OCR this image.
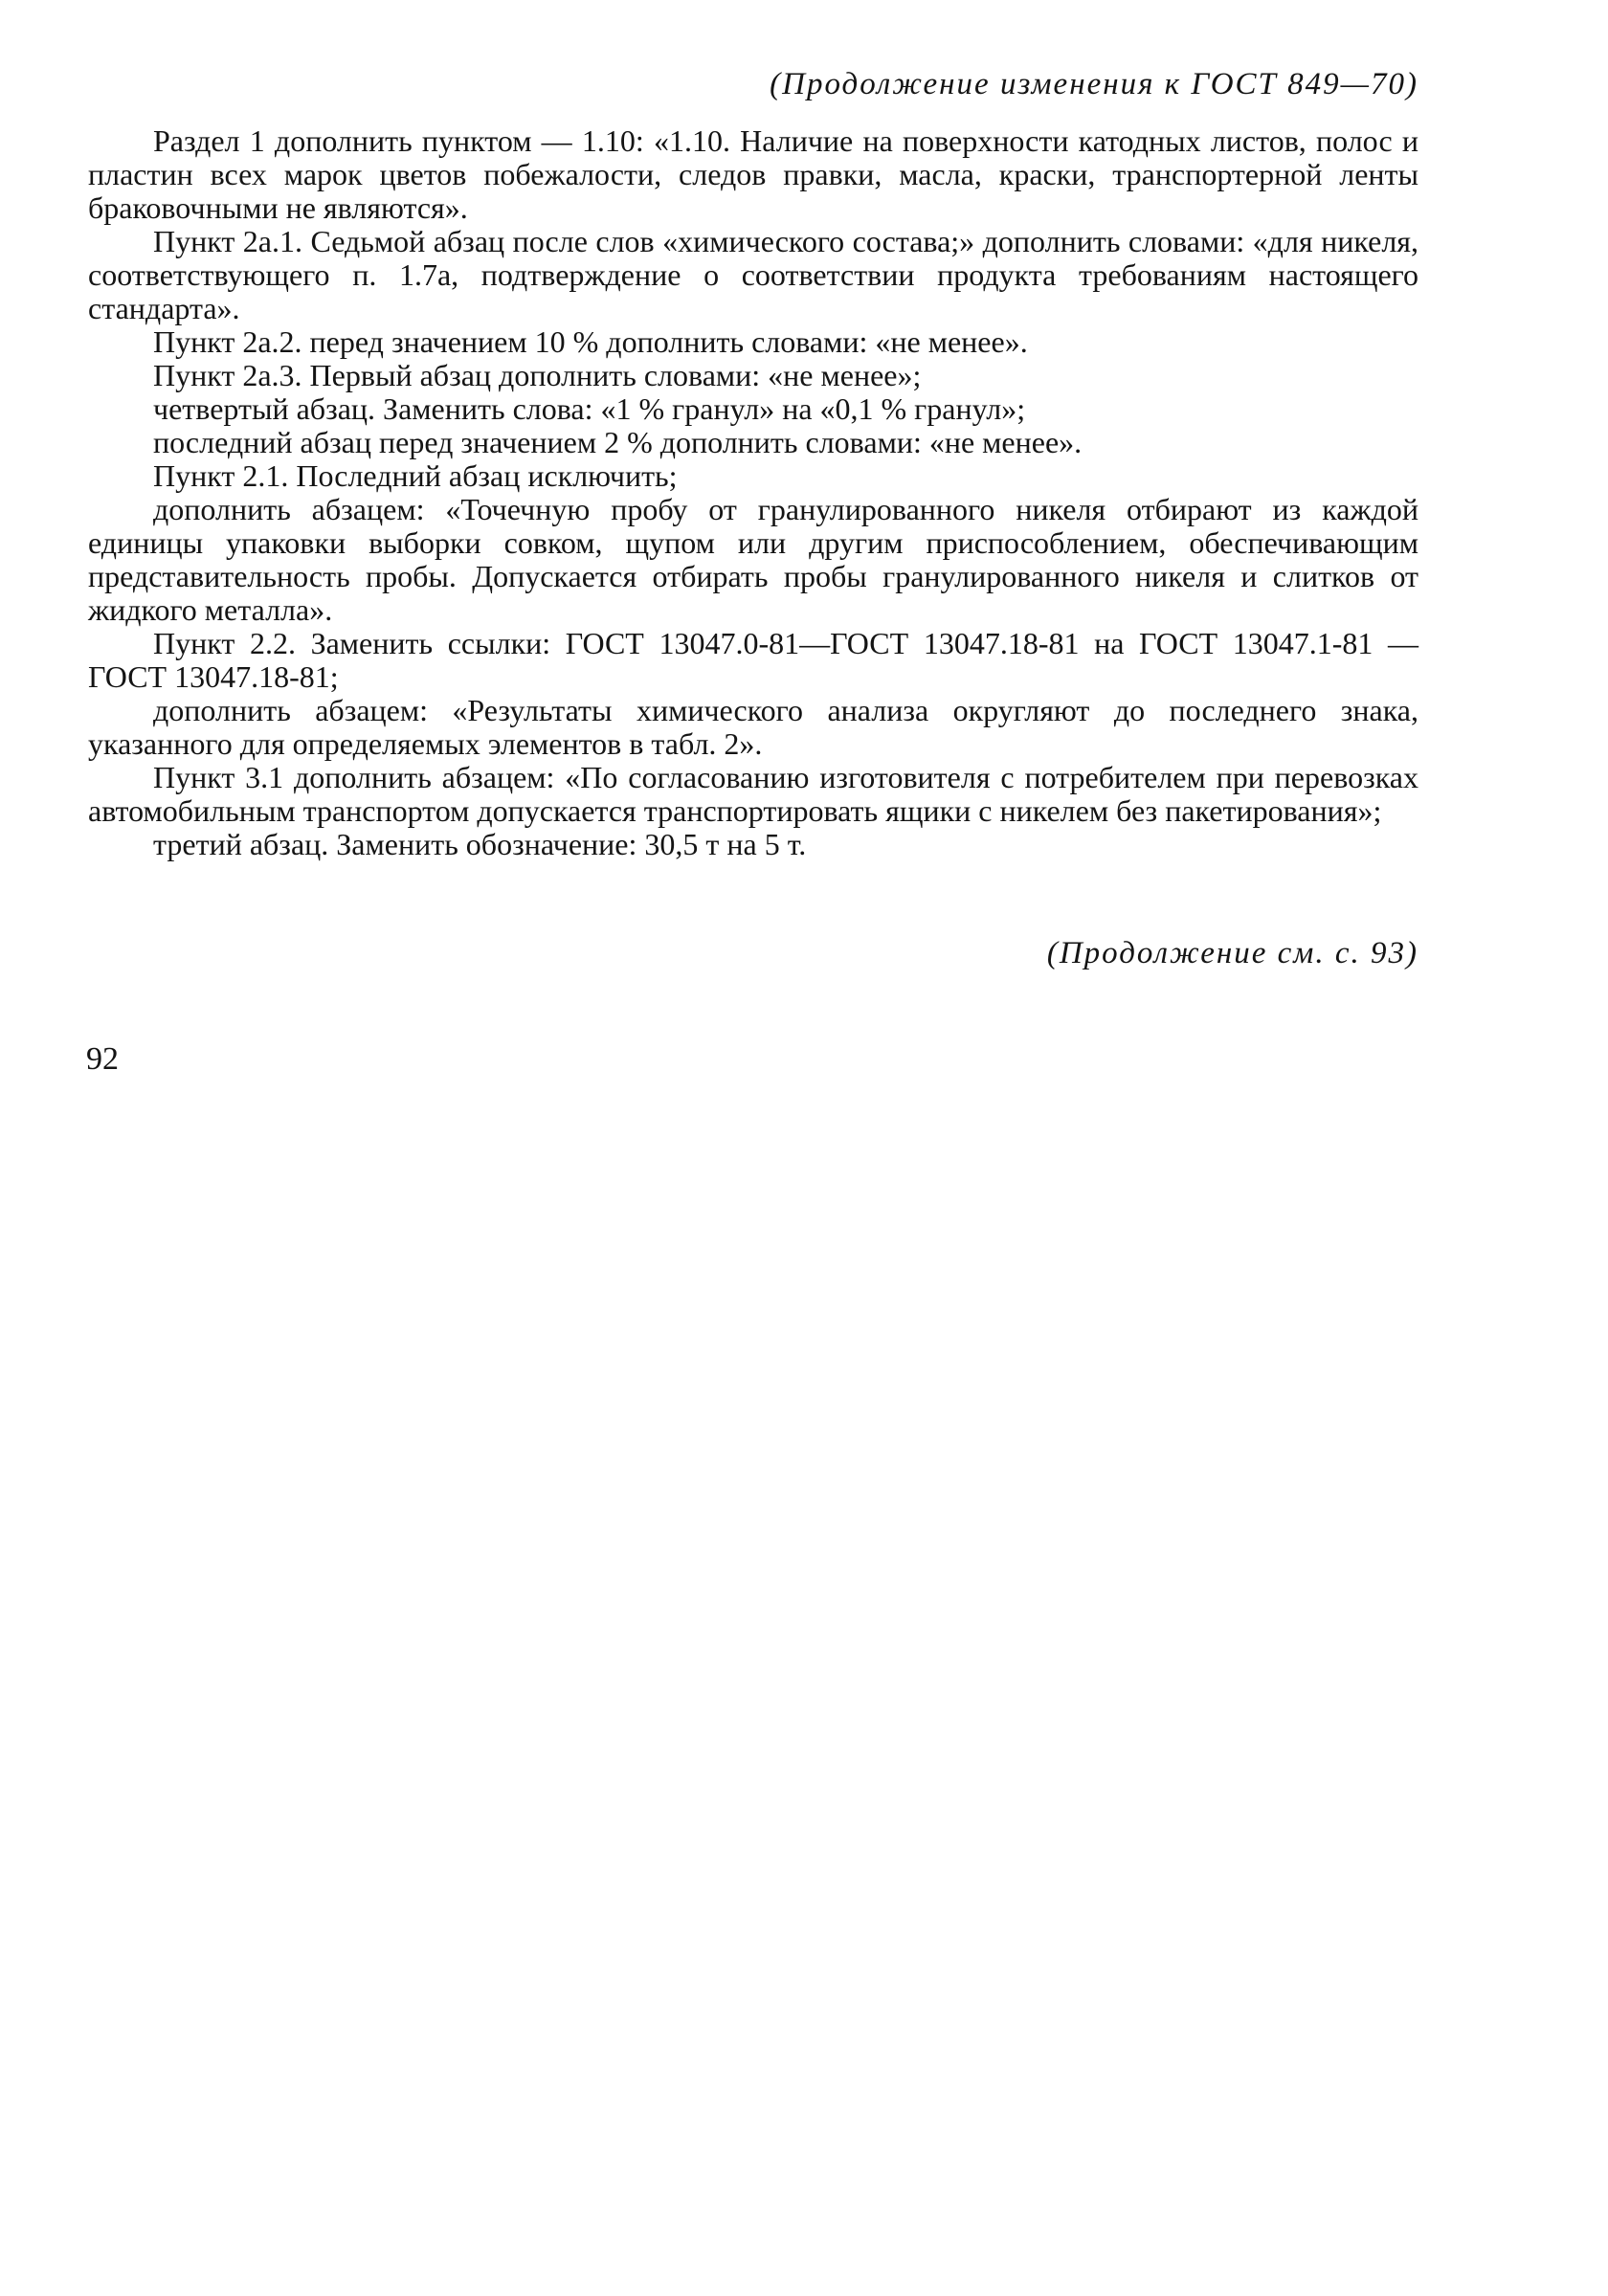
(Продолжение изменения к ГОСТ 849—70)

Раздел 1 дополнить пунктом — 1.10: «1.10. Наличие на поверхности катодных листов, полос и пластин всех марок цветов побежалости, следов правки, масла, краски, транспортерной ленты браковочными не являются».

Пункт 2а.1. Седьмой абзац после слов «химического состава;» дополнить словами: «для никеля, соответствующего п. 1.7а, подтверждение о соответствии продукта требованиям настоящего стандарта».

Пункт 2а.2. перед значением 10 % дополнить словами: «не менее».

Пункт 2а.3. Первый абзац дополнить словами: «не менее»;

четвертый абзац. Заменить слова: «1 % гранул» на «0,1 % гранул»;

последний абзац перед значением 2 % дополнить словами: «не менее».

Пункт 2.1. Последний абзац исключить;

дополнить абзацем: «Точечную пробу от гранулированного никеля отбирают из каждой единицы упаковки выборки совком, щупом или другим приспособлением, обеспечивающим представительность пробы. Допускается отбирать пробы гранулированного никеля и слитков от жидкого металла».

Пункт 2.2. Заменить ссылки: ГОСТ 13047.0-81—ГОСТ 13047.18-81 на ГОСТ 13047.1-81 — ГОСТ 13047.18-81;

дополнить абзацем: «Результаты химического анализа округляют до последнего знака, указанного для определяемых элементов в табл. 2».

Пункт 3.1 дополнить абзацем: «По согласованию изготовителя с потребителем при перевозках автомобильным транспортом допускается транспортировать ящики с никелем без пакетирования»;

третий абзац. Заменить обозначение: 30,5 т на 5 т.

(Продолжение см. с. 93)
92
